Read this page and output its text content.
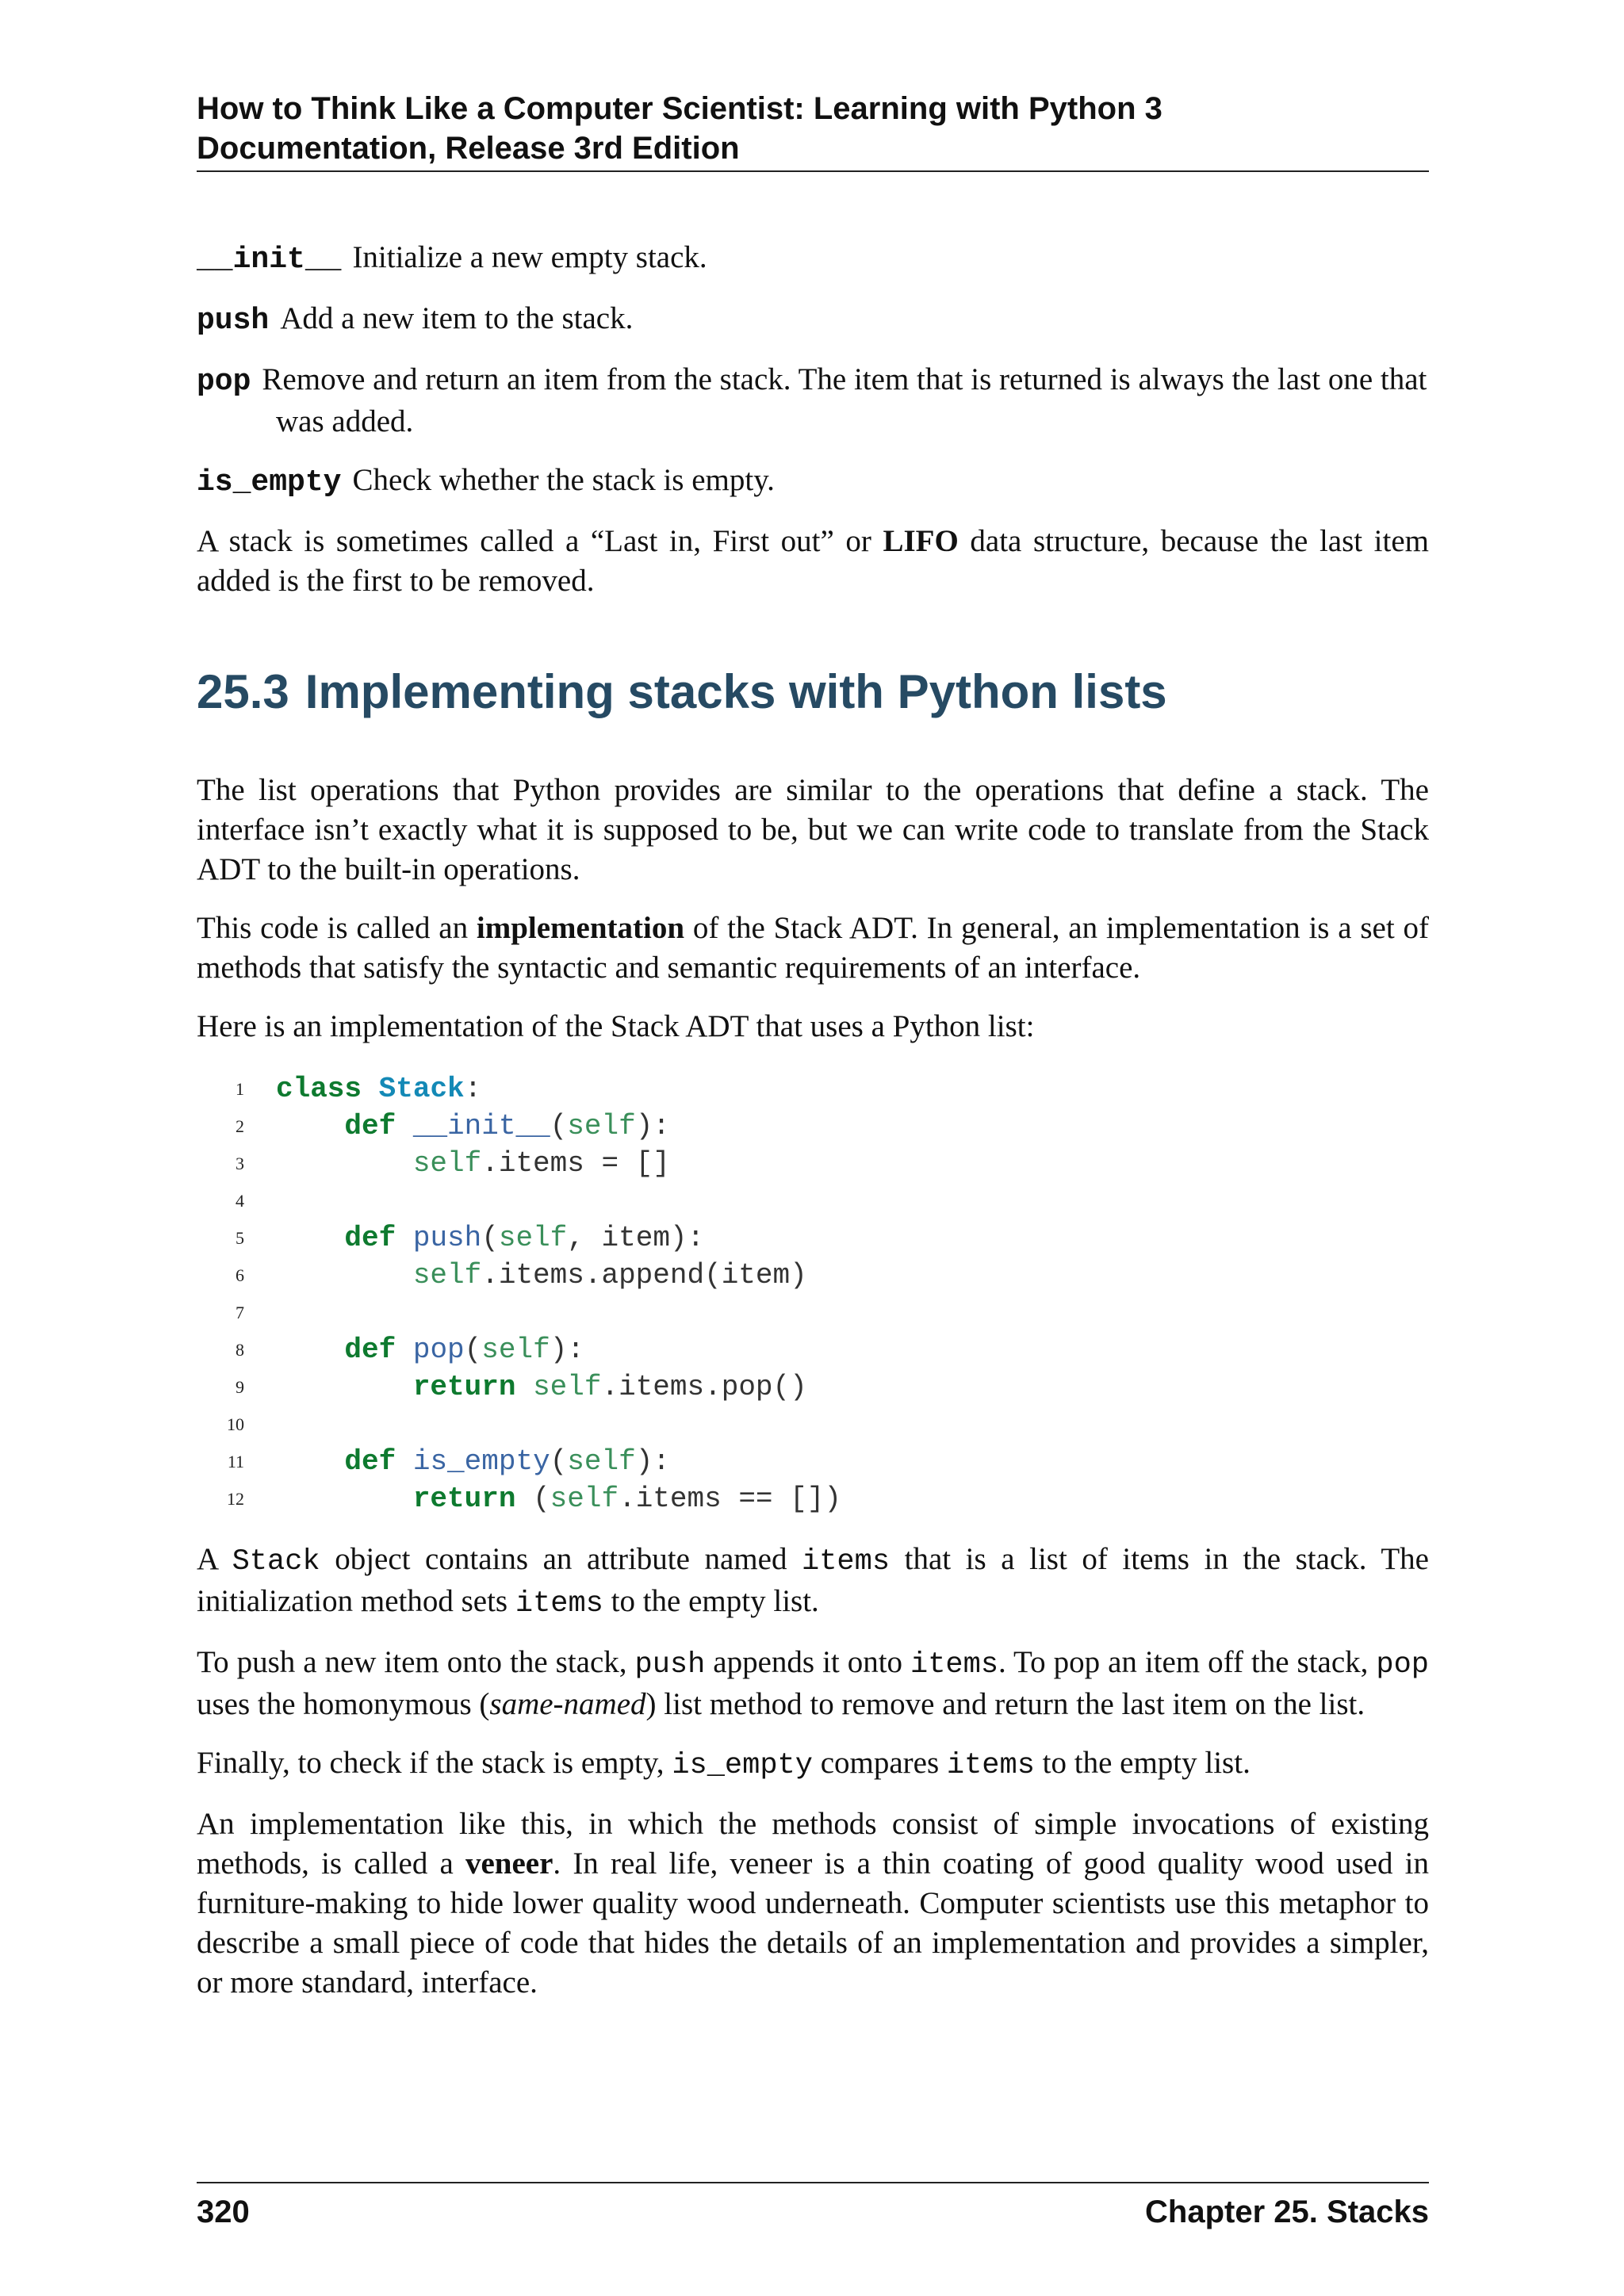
How to Think Like a Computer Scientist: Learning with Python 3
Documentation, Release 3rd Edition
__init__ Initialize a new empty stack.
push Add a new item to the stack.
pop Remove and return an item from the stack. The item that is returned is always the last one that was added.
is_empty Check whether the stack is empty.

A stack is sometimes called a “Last in, First out” or LIFO data structure, because the last item added is the first to be removed.

25.3 Implementing stacks with Python lists

The list operations that Python provides are similar to the operations that define a stack. The interface isn’t exactly what it is supposed to be, but we can write code to translate from the Stack ADT to the built-in operations.

This code is called an implementation of the Stack ADT. In general, an implementation is a set of methods that satisfy the syntactic and semantic requirements of an interface.

Here is an implementation of the Stack ADT that uses a Python list:

1	class Stack:
2	def __init__(self):
3	self.items = []
4
5	def push(self, item):
6	self.items.append(item)
7
8	def pop(self):
9	return self.items.pop()
10
11	def is_empty(self):
12	return (self.items == [])

A Stack object contains an attribute named items that is a list of items in the stack. The initialization method sets items to the empty list.

To push a new item onto the stack, push appends it onto items. To pop an item off the stack, pop uses the homonymous (same-named) list method to remove and return the last item on the list.

Finally, to check if the stack is empty, is_empty compares items to the empty list.

An implementation like this, in which the methods consist of simple invocations of existing methods, is called a veneer. In real life, veneer is a thin coating of good quality wood used in furniture-making to hide lower quality wood underneath. Computer scientists use this metaphor to describe a small piece of code that hides the details of an implementation and provides a simpler, or more standard, interface.

320	Chapter 25. Stacks
